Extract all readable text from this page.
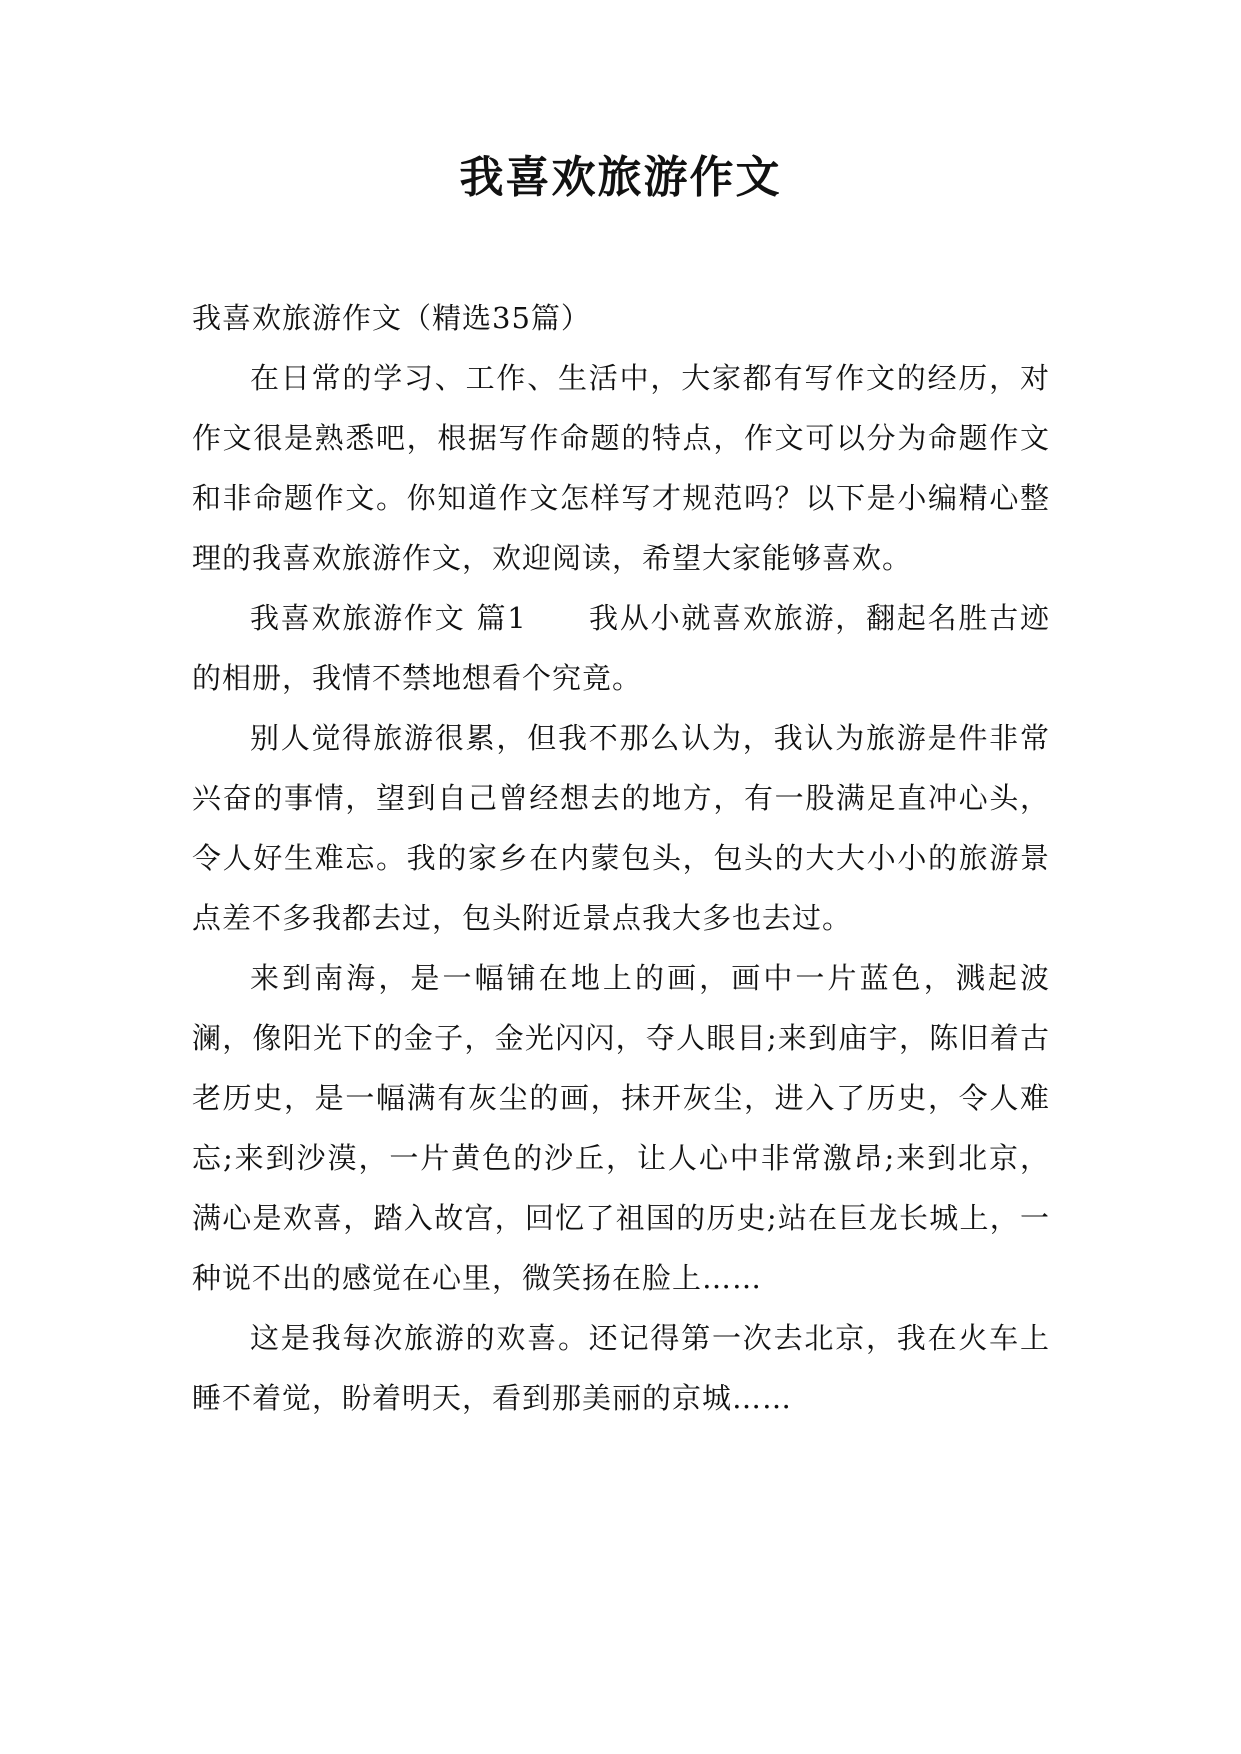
我喜欢旅游作文

我喜欢旅游作文（精选35篇）

在日常的学习、工作、生活中，大家都有写作文的经历，对作文很是熟悉吧，根据写作命题的特点，作文可以分为命题作文和非命题作文。你知道作文怎样写才规范吗？以下是小编精心整理的我喜欢旅游作文，欢迎阅读，希望大家能够喜欢。

我喜欢旅游作文 篇1　　我从小就喜欢旅游，翻起名胜古迹的相册，我情不禁地想看个究竟。

别人觉得旅游很累，但我不那么认为，我认为旅游是件非常兴奋的事情，望到自己曾经想去的地方，有一股满足直冲心头，令人好生难忘。我的家乡在内蒙包头，包头的大大小小的旅游景点差不多我都去过，包头附近景点我大多也去过。

来到南海，是一幅铺在地上的画，画中一片蓝色，溅起波澜，像阳光下的金子，金光闪闪，夺人眼目;来到庙宇，陈旧着古老历史，是一幅满有灰尘的画，抹开灰尘，进入了历史，令人难忘;来到沙漠，一片黄色的沙丘，让人心中非常激昂;来到北京，满心是欢喜，踏入故宫，回忆了祖国的历史;站在巨龙长城上，一种说不出的感觉在心里，微笑扬在脸上……

这是我每次旅游的欢喜。还记得第一次去北京，我在火车上睡不着觉，盼着明天，看到那美丽的京城……
